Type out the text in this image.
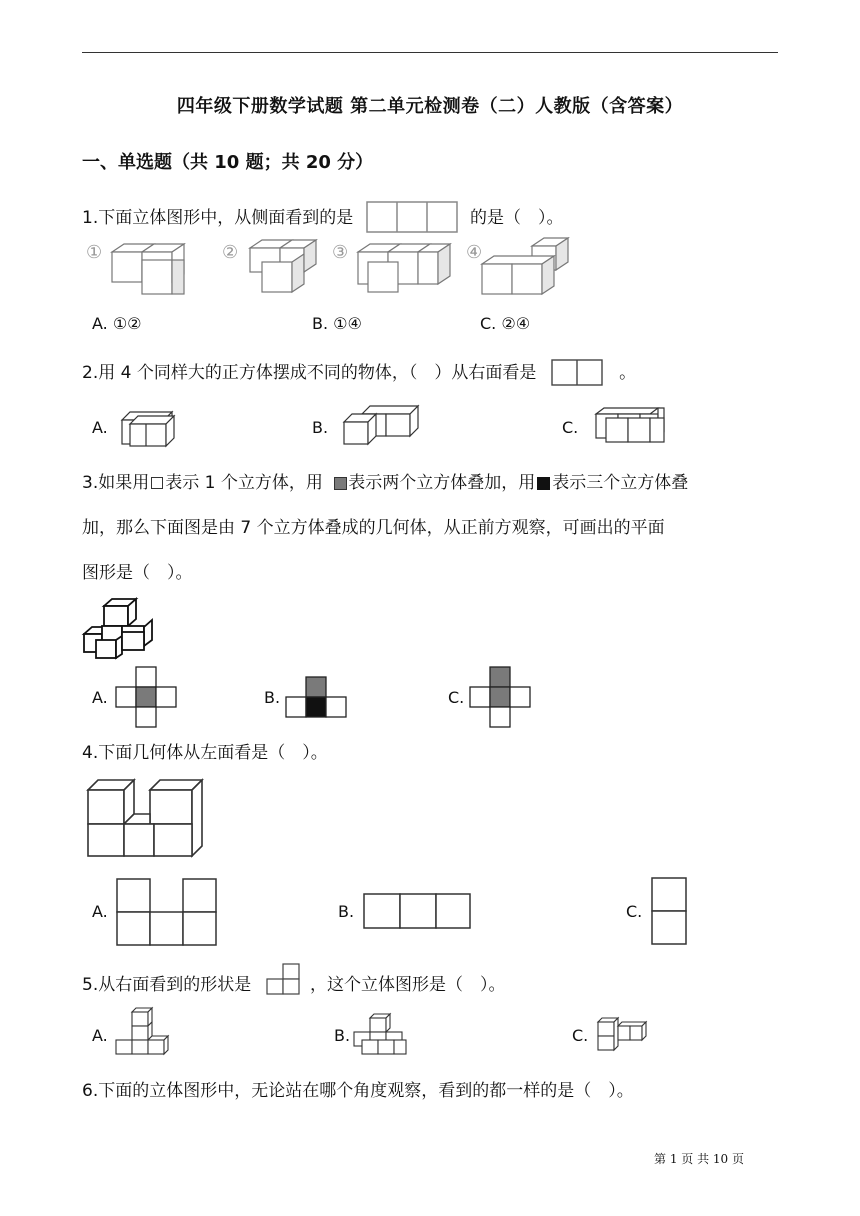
四年级下册数学试题 第二单元检测卷（二）人教版（含答案）
一、单选题（共 10 题；共 20 分）
1.下面立体图形中，从侧面看到的是	的是（　）。
①	②	③	④
A. ①②	B. ①④	C. ②④
2.用 4 个同样大的正方体摆成不同的物体，（　）从右面看是	。
A.	B.	C.
3.如果用 表示 1 个立方体，用 表示两个立方体叠加，用 表示三个立方体叠
加，那么下面图是由 7 个立方体叠成的几何体，从正前方观察，可画出的平面
图形是（　）。
A.	B.	C.
4.下面几何体从左面看是（　）。
A.	B.	C.
5.从右面看到的形状是	，这个立体图形是（　）。
A.	B.	C.
6.下面的立体图形中，无论站在哪个角度观察，看到的都一样的是（　）。
第 1 页 共 10 页
